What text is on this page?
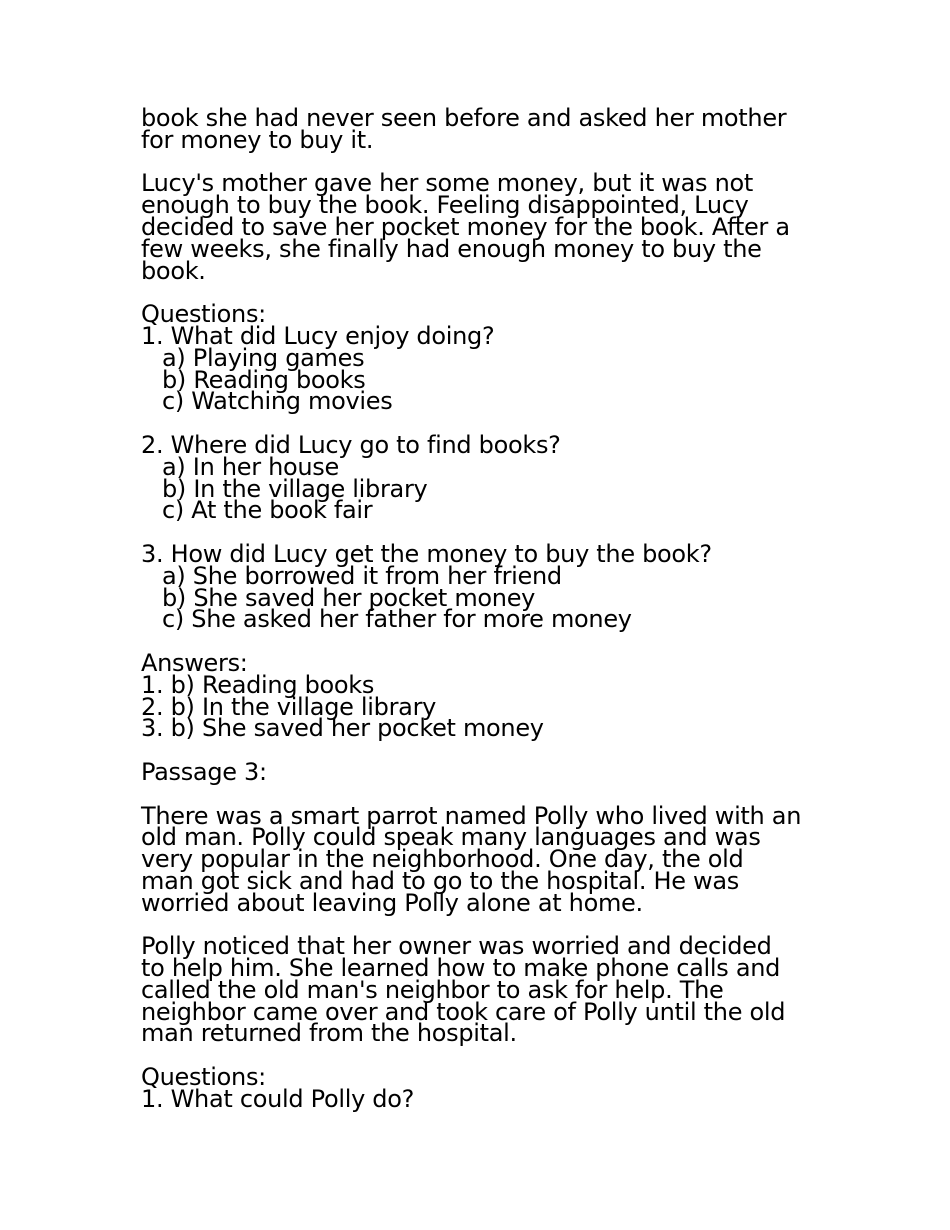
book she had never seen before and asked her mother
for money to buy it.
Lucy's mother gave her some money, but it was not
enough to buy the book. Feeling disappointed, Lucy
decided to save her pocket money for the book. After a
few weeks, she finally had enough money to buy the
book.
Questions:
1. What did Lucy enjoy doing?
a) Playing games
b) Reading books
c) Watching movies
2. Where did Lucy go to find books?
a) In her house
b) In the village library
c) At the book fair
3. How did Lucy get the money to buy the book?
a) She borrowed it from her friend
b) She saved her pocket money
c) She asked her father for more money
Answers:
1. b) Reading books
2. b) In the village library
3. b) She saved her pocket money
Passage 3:
There was a smart parrot named Polly who lived with an
old man. Polly could speak many languages and was
very popular in the neighborhood. One day, the old
man got sick and had to go to the hospital. He was
worried about leaving Polly alone at home.
Polly noticed that her owner was worried and decided
to help him. She learned how to make phone calls and
called the old man's neighbor to ask for help. The
neighbor came over and took care of Polly until the old
man returned from the hospital.
Questions:
1. What could Polly do?
